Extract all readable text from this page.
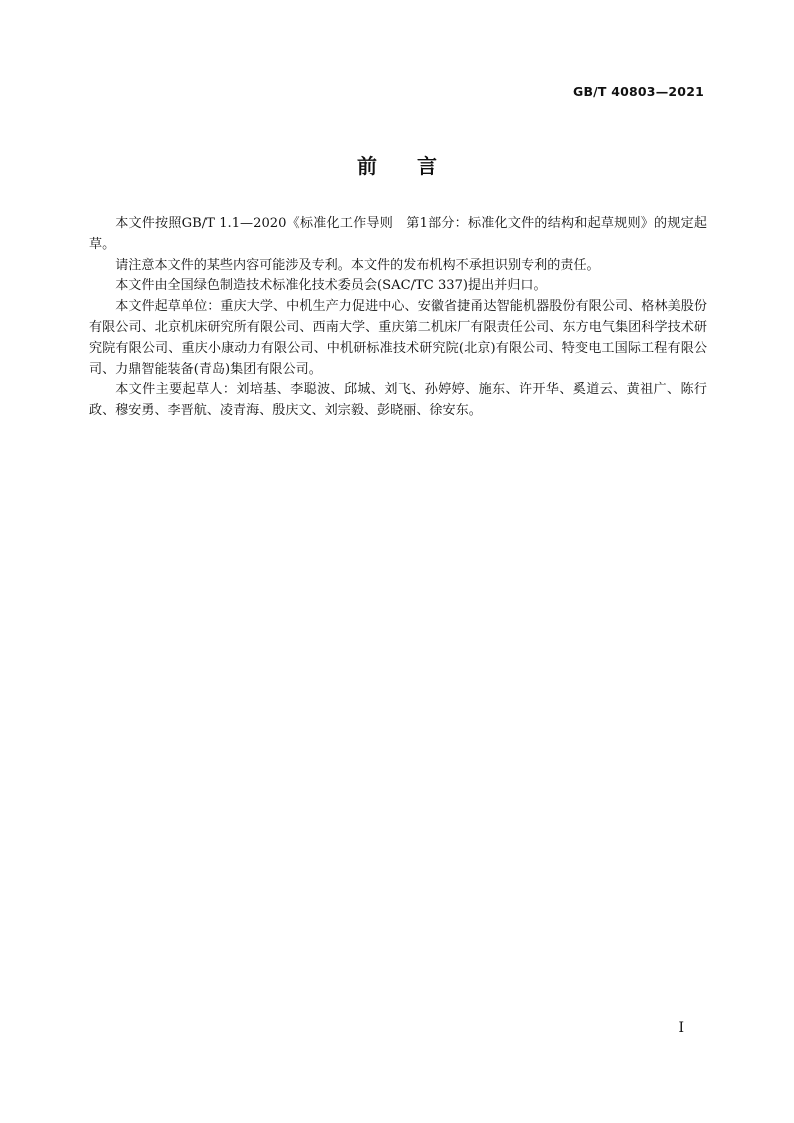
GB/T 40803—2021
前言

本文件按照GB/T 1.1—2020《标准化工作导则　第1部分：标准化文件的结构和起草规则》的规定起草。

请注意本文件的某些内容可能涉及专利。本文件的发布机构不承担识别专利的责任。

本文件由全国绿色制造技术标准化技术委员会(SAC/TC 337)提出并归口。

本文件起草单位：重庆大学、中机生产力促进中心、安徽省捷甬达智能机器股份有限公司、格林美股份有限公司、北京机床研究所有限公司、西南大学、重庆第二机床厂有限责任公司、东方电气集团科学技术研究院有限公司、重庆小康动力有限公司、中机研标准技术研究院(北京)有限公司、特变电工国际工程有限公司、力鼎智能装备(青岛)集团有限公司。

本文件主要起草人：刘培基、李聪波、邱城、刘飞、孙婷婷、施东、许开华、奚道云、黄祖广、陈行政、穆安勇、李晋航、凌青海、殷庆文、刘宗毅、彭晓丽、徐安东。

I
